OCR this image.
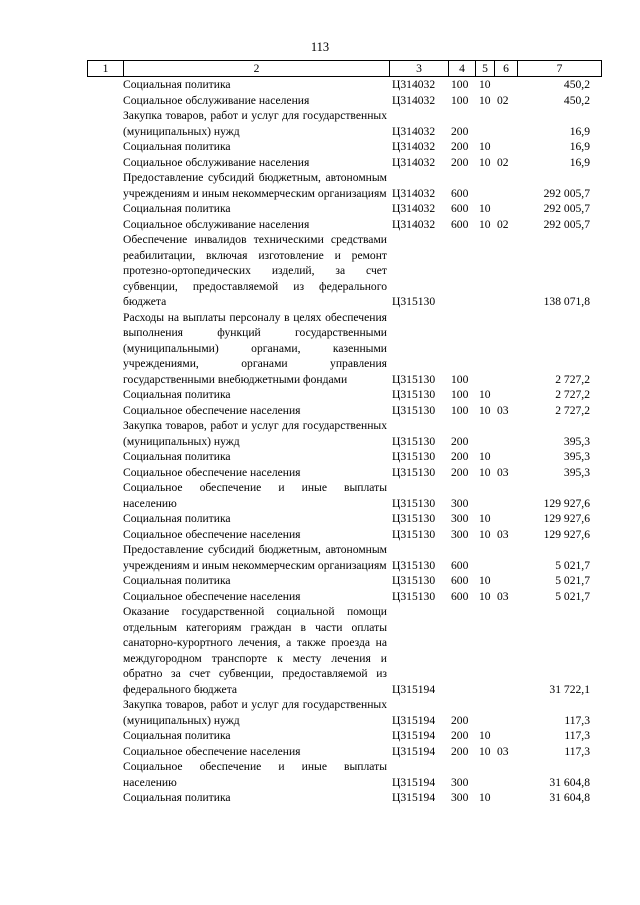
113
1	2	3	4	5	6	7
Социальная политика	Ц314032 100 10	450,2
Социальное обслуживание населения	Ц314032 100 10 02	450,2
Закупка товаров, работ и услуг для государственных (муниципальных) нужд	Ц314032 200	16,9
Социальная политика	Ц314032 200 10	16,9
Социальное обслуживание населения	Ц314032 200 10 02	16,9
Предоставление субсидий бюджетным, автономным учреждениям и иным некоммерческим организациям Ц314032 600	292 005,7
Социальная политика	Ц314032 600 10	292 005,7
Социальное обслуживание населения	Ц314032 600 10 02	292 005,7
Обеспечение инвалидов техническими средствами реабилитации, включая изготовление и ремонт протезно-ортопедических изделий, за счет субвенции, предоставляемой из федерального бюджета	Ц315130	138 071,8
Расходы на выплаты персоналу в целях обеспечения выполнения функций государственными (муниципальными) органами, казенными учреждениями, органами управления государственными внебюджетными фондами	Ц315130 100	2 727,2
Социальная политика	Ц315130 100 10	2 727,2
Социальное обеспечение населения	Ц315130 100 10 03	2 727,2
Закупка товаров, работ и услуг для государственных (муниципальных) нужд	Ц315130 200	395,3
Социальная политика	Ц315130 200 10	395,3
Социальное обеспечение населения	Ц315130 200 10 03	395,3
Социальное обеспечение и иные выплаты населению	Ц315130 300	129 927,6
Социальная политика	Ц315130 300 10	129 927,6
Социальное обеспечение населения	Ц315130 300 10 03	129 927,6
Предоставление субсидий бюджетным, автономным учреждениям и иным некоммерческим организациям Ц315130 600	5 021,7
Социальная политика	Ц315130 600 10	5 021,7
Социальное обеспечение населения	Ц315130 600 10 03	5 021,7
Оказание государственной социальной помощи отдельным категориям граждан в части оплаты санаторно-курортного лечения, а также проезда на междугородном транспорте к месту лечения и обратно за счет субвенции, предоставляемой из федерального бюджета	Ц315194	31 722,1
Закупка товаров, работ и услуг для государственных (муниципальных) нужд	Ц315194 200	117,3
Социальная политика	Ц315194 200 10	117,3
Социальное обеспечение населения	Ц315194 200 10 03	117,3
Социальное обеспечение и иные выплаты населению	Ц315194 300	31 604,8
Социальная политика	Ц315194 300 10	31 604,8
